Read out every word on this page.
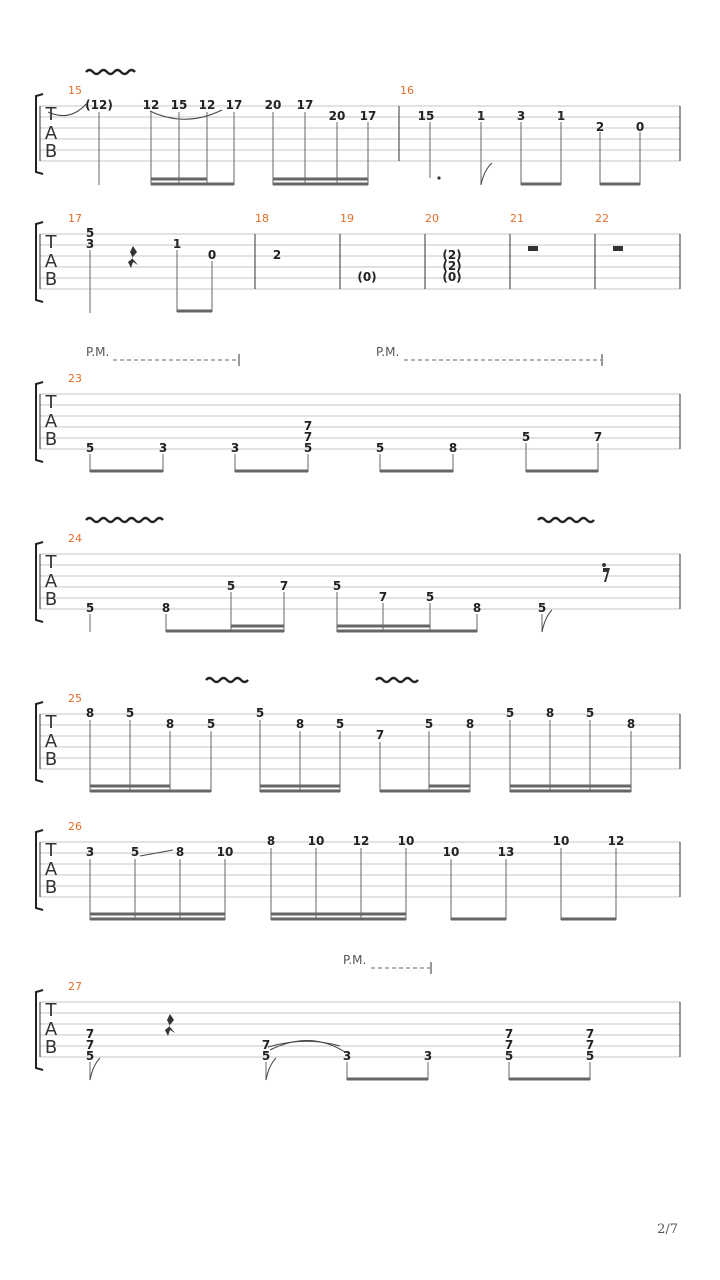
T
A
B
15	16
(12) 12 15 12 17 20 17
20 17	15	1	3	1
2	0
T
A
B
17	18	19	20	21	22
5
3	1
0	2
(0)
(2)
(2)
(0)
P.M.	P.M.
T
A
B
23
5	3	3
7
7
5	5	8
5	7
T
A
B
24
5	8
5	7	5
7	5
8	5
T
A
B
25
8	5
8	5
5
8	5
7
5	8
5	8	5
8
T
A
B
26
3	5	8	10
8	10 12 10
10	13
10	12
P.M.
T
A
B
27
7
7
5
7
5	3	3
7
7
5
7
7
5
2/7
